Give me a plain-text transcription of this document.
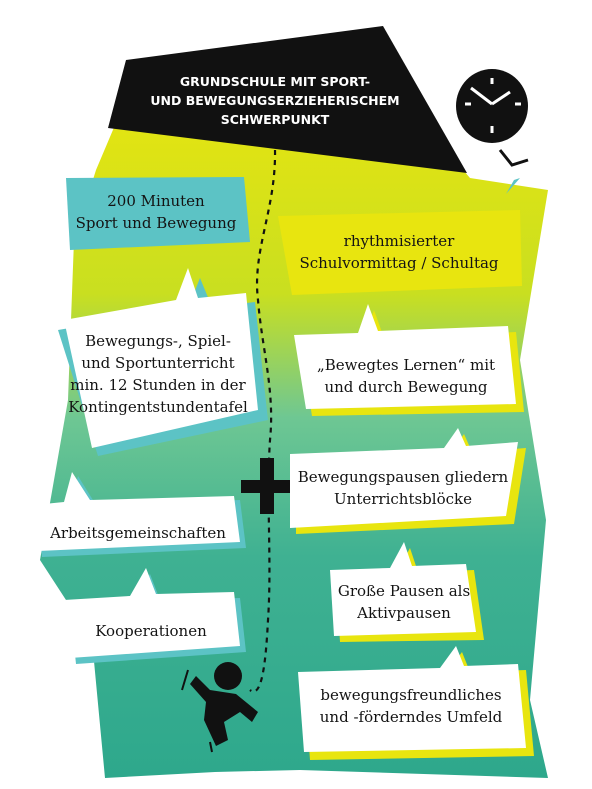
GRUNDSCHULE MIT SPORT-
UND BEWEGUNGSERZIEHERISCHEM
SCHWERPUNKT
200 Minuten
Sport und Bewegung
Bewegungs-, Spiel-
und Sportunterricht
min. 12 Stunden in der
Kontingentstundentafel
Arbeitsgemeinschaften
Kooperationen
rhythmisierter
Schulvormittag / Schultag
„Bewegtes Lernen“ mit
und durch Bewegung
Bewegungspausen gliedern
Unterrichtsblöcke
Große Pausen als
Aktivpausen
bewegungsfreundliches
und -förderndes Umfeld
